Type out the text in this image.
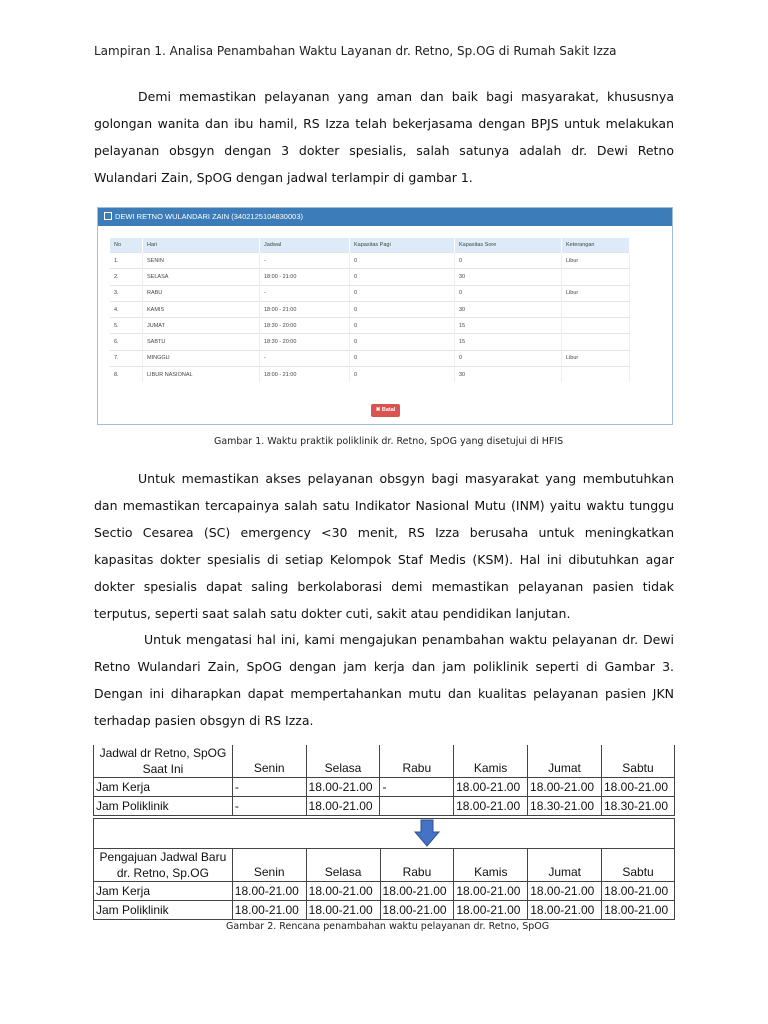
Lampiran 1. Analisa Penambahan Waktu Layanan dr. Retno, Sp.OG di Rumah Sakit Izza
Demi memastikan pelayanan yang aman dan baik bagi masyarakat, khususnya golongan wanita dan ibu hamil, RS Izza telah bekerjasama dengan BPJS untuk melakukan pelayanan obsgyn dengan 3 dokter spesialis, salah satunya adalah dr. Dewi Retno Wulandari Zain, SpOG dengan jadwal terlampir di gambar 1.
DEWI RETNO WULANDARI ZAIN (3402125104830003)
No	Hari	Jadwal	Kapasitas Pagi	Kapasitas Sore	Keterangan
1.	SENIN	-	0	0	Libur
2.	SELASA	18:00 - 21:00	0	30	
3.	RABU	-	0	0	Libur
4.	KAMIS	18:00 - 21:00	0	30	
5.	JUMAT	18:30 - 20:00	0	15	
6.	SABTU	18:30 - 20:00	0	15	
7.	MINGGU	-	0	0	Libur
8.	LIBUR NASIONAL	18:00 - 21:00	0	30	
✖ Batal
Gambar 1. Waktu praktik poliklinik dr. Retno, SpOG yang disetujui di HFIS
Untuk memastikan akses pelayanan obsgyn bagi masyarakat yang membutuhkan dan memastikan tercapainya salah satu Indikator Nasional Mutu (INM) yaitu waktu tunggu Sectio Cesarea (SC) emergency <30 menit, RS Izza berusaha untuk meningkatkan kapasitas dokter spesialis di setiap Kelompok Staf Medis (KSM). Hal ini dibutuhkan agar dokter spesialis dapat saling berkolaborasi demi memastikan pelayanan pasien tidak terputus, seperti saat salah satu dokter cuti, sakit atau pendidikan lanjutan.
Untuk mengatasi hal ini, kami mengajukan penambahan waktu pelayanan dr. Dewi Retno Wulandari Zain, SpOG dengan jam kerja dan jam poliklinik seperti di Gambar 3. Dengan ini diharapkan dapat mempertahankan mutu dan kualitas pelayanan pasien JKN terhadap pasien obsgyn di RS Izza.
Jadwal dr Retno, SpOG
Saat Ini	Senin	Selasa	Rabu	Kamis	Jumat	Sabtu
Jam Kerja	-	18.00-21.00	-	18.00-21.00	18.00-21.00	18.00-21.00
Jam Poliklinik	-	18.00-21.00		18.00-21.00	18.30-21.00	18.30-21.00
Pengajuan Jadwal Baru
dr. Retno, Sp.OG	Senin	Selasa	Rabu	Kamis	Jumat	Sabtu
Jam Kerja	18.00-21.00	18.00-21.00	18.00-21.00	18.00-21.00	18.00-21.00	18.00-21.00
Jam Poliklinik	18.00-21.00	18.00-21.00	18.00-21.00	18.00-21.00	18.00-21.00	18.00-21.00
Gambar 2. Rencana penambahan waktu pelayanan dr. Retno, SpOG
